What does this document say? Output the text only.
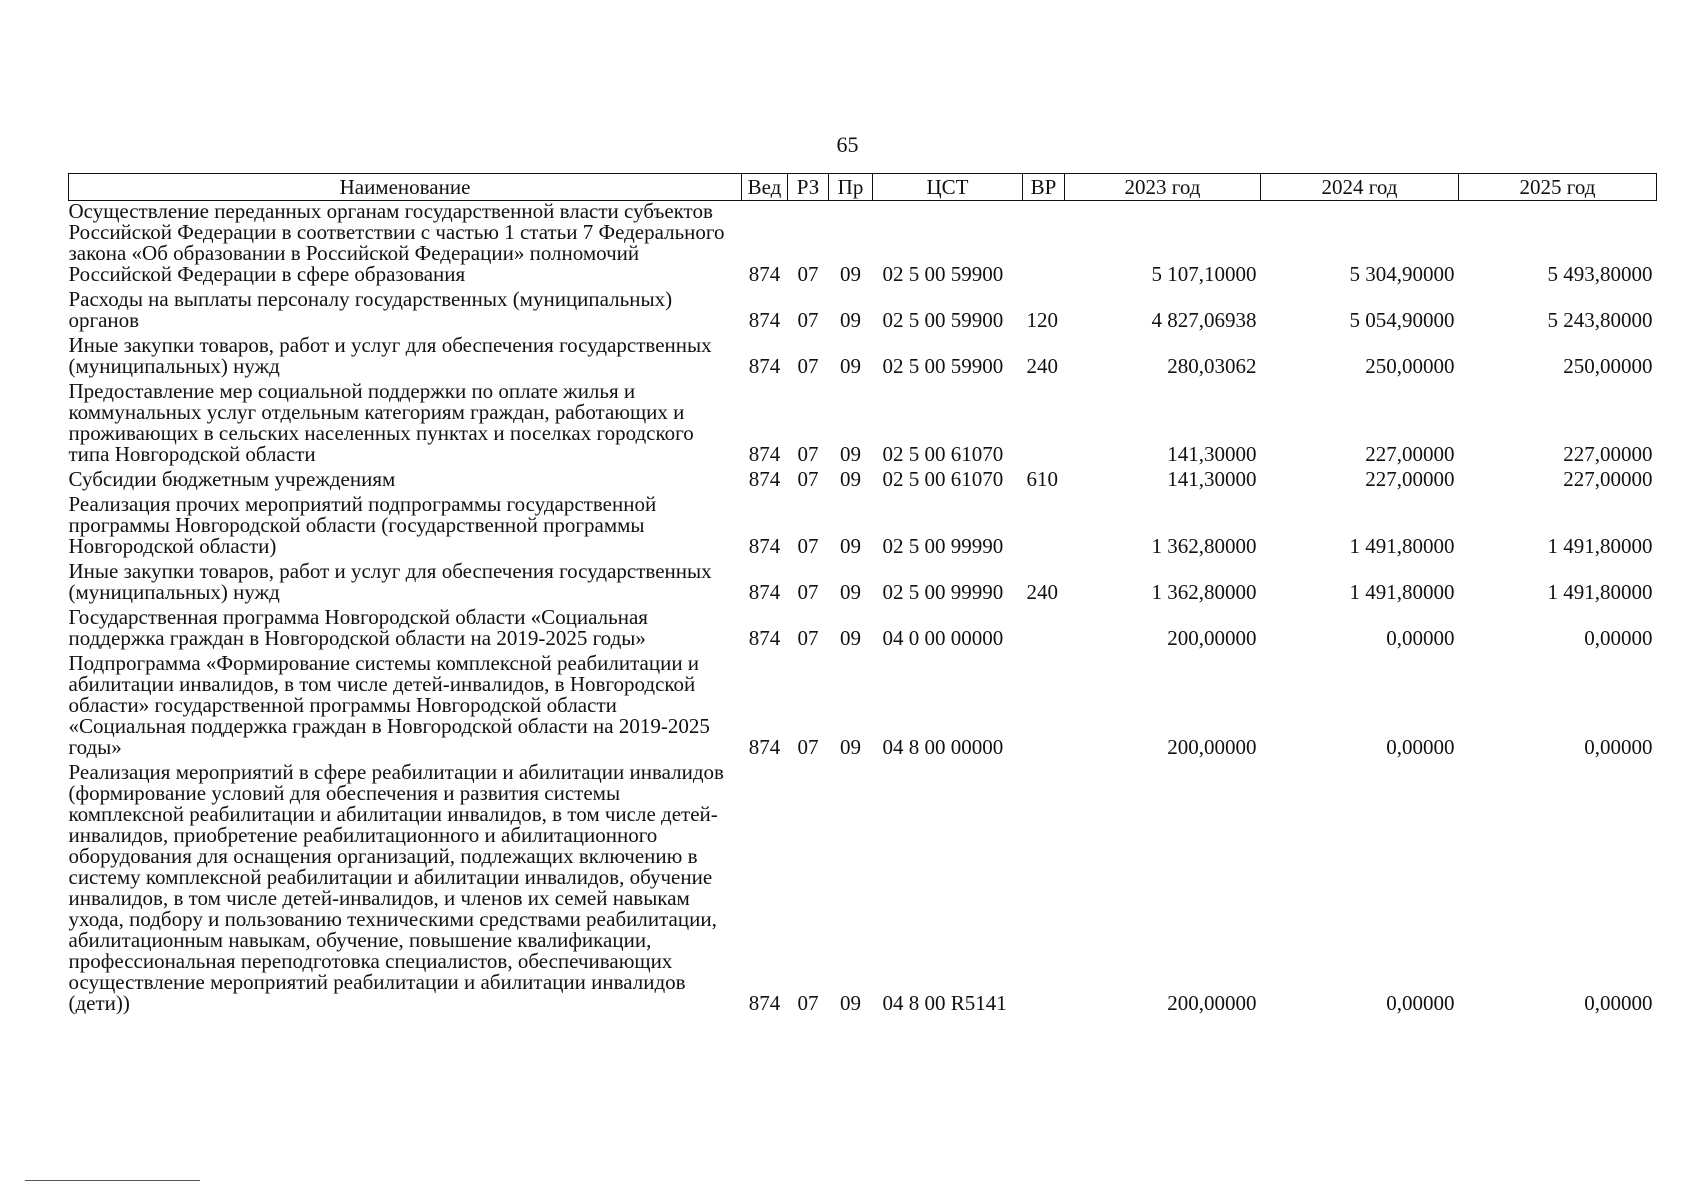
65
Наименование	Вед	РЗ	Пр	ЦСТ	ВР	2023 год	2024 год	2025 год
Осуществление переданных органам государственной власти субъектов Российской Федерации в соответствии с частью 1 статьи 7 Федерального закона «Об образовании в Российской Федерации» полномочий Российской Федерации в сфере образования	874	07	09	02 5 00 59900		5 107,10000	5 304,90000	5 493,80000
Расходы на выплаты персоналу государственных (муниципальных) органов	874	07	09	02 5 00 59900	120	4 827,06938	5 054,90000	5 243,80000
Иные закупки товаров, работ и услуг для обеспечения государственных (муниципальных) нужд	874	07	09	02 5 00 59900	240	280,03062	250,00000	250,00000
Предоставление мер социальной поддержки по оплате жилья и коммунальных услуг отдельным категориям граждан, работающих и проживающих в сельских населенных пунктах и поселках городского типа Новгородской области	874	07	09	02 5 00 61070		141,30000	227,00000	227,00000
Субсидии бюджетным учреждениям	874	07	09	02 5 00 61070	610	141,30000	227,00000	227,00000
Реализация прочих мероприятий подпрограммы государственной программы Новгородской области (государственной программы Новгородской области)	874	07	09	02 5 00 99990		1 362,80000	1 491,80000	1 491,80000
Иные закупки товаров, работ и услуг для обеспечения государственных (муниципальных) нужд	874	07	09	02 5 00 99990	240	1 362,80000	1 491,80000	1 491,80000
Государственная программа Новгородской области «Социальная поддержка граждан в Новгородской области на 2019-2025 годы»	874	07	09	04 0 00 00000		200,00000	0,00000	0,00000
Подпрограмма «Формирование системы комплексной реабилитации и абилитации инвалидов, в том числе детей-инвалидов, в Новгородской области» государственной программы Новгородской области «Социальная поддержка граждан в Новгородской области на 2019-2025 годы»	874	07	09	04 8 00 00000		200,00000	0,00000	0,00000
Реализация мероприятий в сфере реабилитации и абилитации инвалидов (формирование условий для обеспечения и развития системы комплексной реабилитации и абилитации инвалидов, в том числе детей-инвалидов, приобретение реабилитационного и абилитационного оборудования для оснащения организаций, подлежащих включению в систему комплексной реабилитации и абилитации инвалидов, обучение инвалидов, в том числе детей-инвалидов, и членов их семей навыкам ухода, подбору и пользованию техническими средствами реабилитации, абилитационным навыкам, обучение, повышение квалификации, профессиональная переподготовка специалистов, обеспечивающих осуществление мероприятий реабилитации и абилитации инвалидов (дети))	874	07	09	04 8 00 R5141		200,00000	0,00000	0,00000
